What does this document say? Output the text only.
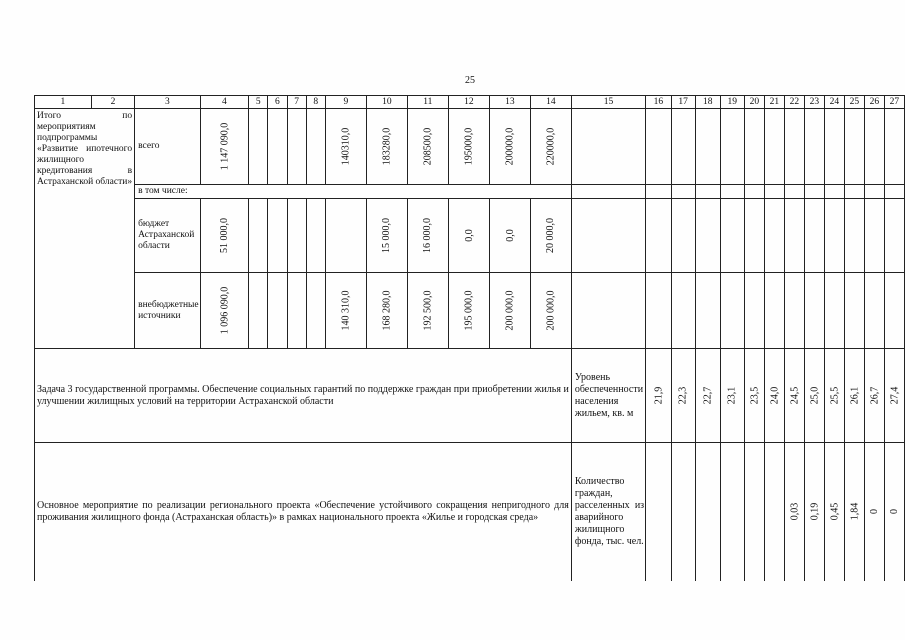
25
1	2	3	4	5	6	7	8	9	10	11	12	13	14	15	16	17	18	19	20	21	22	23	24	25	26	27
Итого по мероприятиям подпрограммы «Развитие ипотечного жилищного кредитования в Астраханской области»		всего	1 147 090,0					140310,0	183280,0	208500,0	195000,0	200000,0	220000,0													
		в том числе:																								
		бюджет Астраханской области	51 000,0						15 000,0	16 000,0	0,0	0,0	20 000,0													
		внебюджетные источники	1 096 090,0					140 310,0	168 280,0	192 500,0	195 000,0	200 000,0	200 000,0													
Задача 3 государственной программы. Обеспечение социальных гарантий по поддержке граждан при приобретении жилья и улучшении жилищных условий на территории Астраханской области														Уровень обеспеченности населения жильем, кв. м	21,9	22,3	22,7	23,1	23,5	24,0	24,5	25,0	25,5	26,1	26,7	27,4
Основное мероприятие по реализации регионального проекта «Обеспечение устойчивого сокращения непригодного для проживания жилищного фонда (Астраханская область)» в рамках национального проекта «Жилье и городская среда»														Количество граждан, расселенных из аварийного жилищного фонда, тыс. чел.							0,03	0,19	0,45	1,84	0	0
